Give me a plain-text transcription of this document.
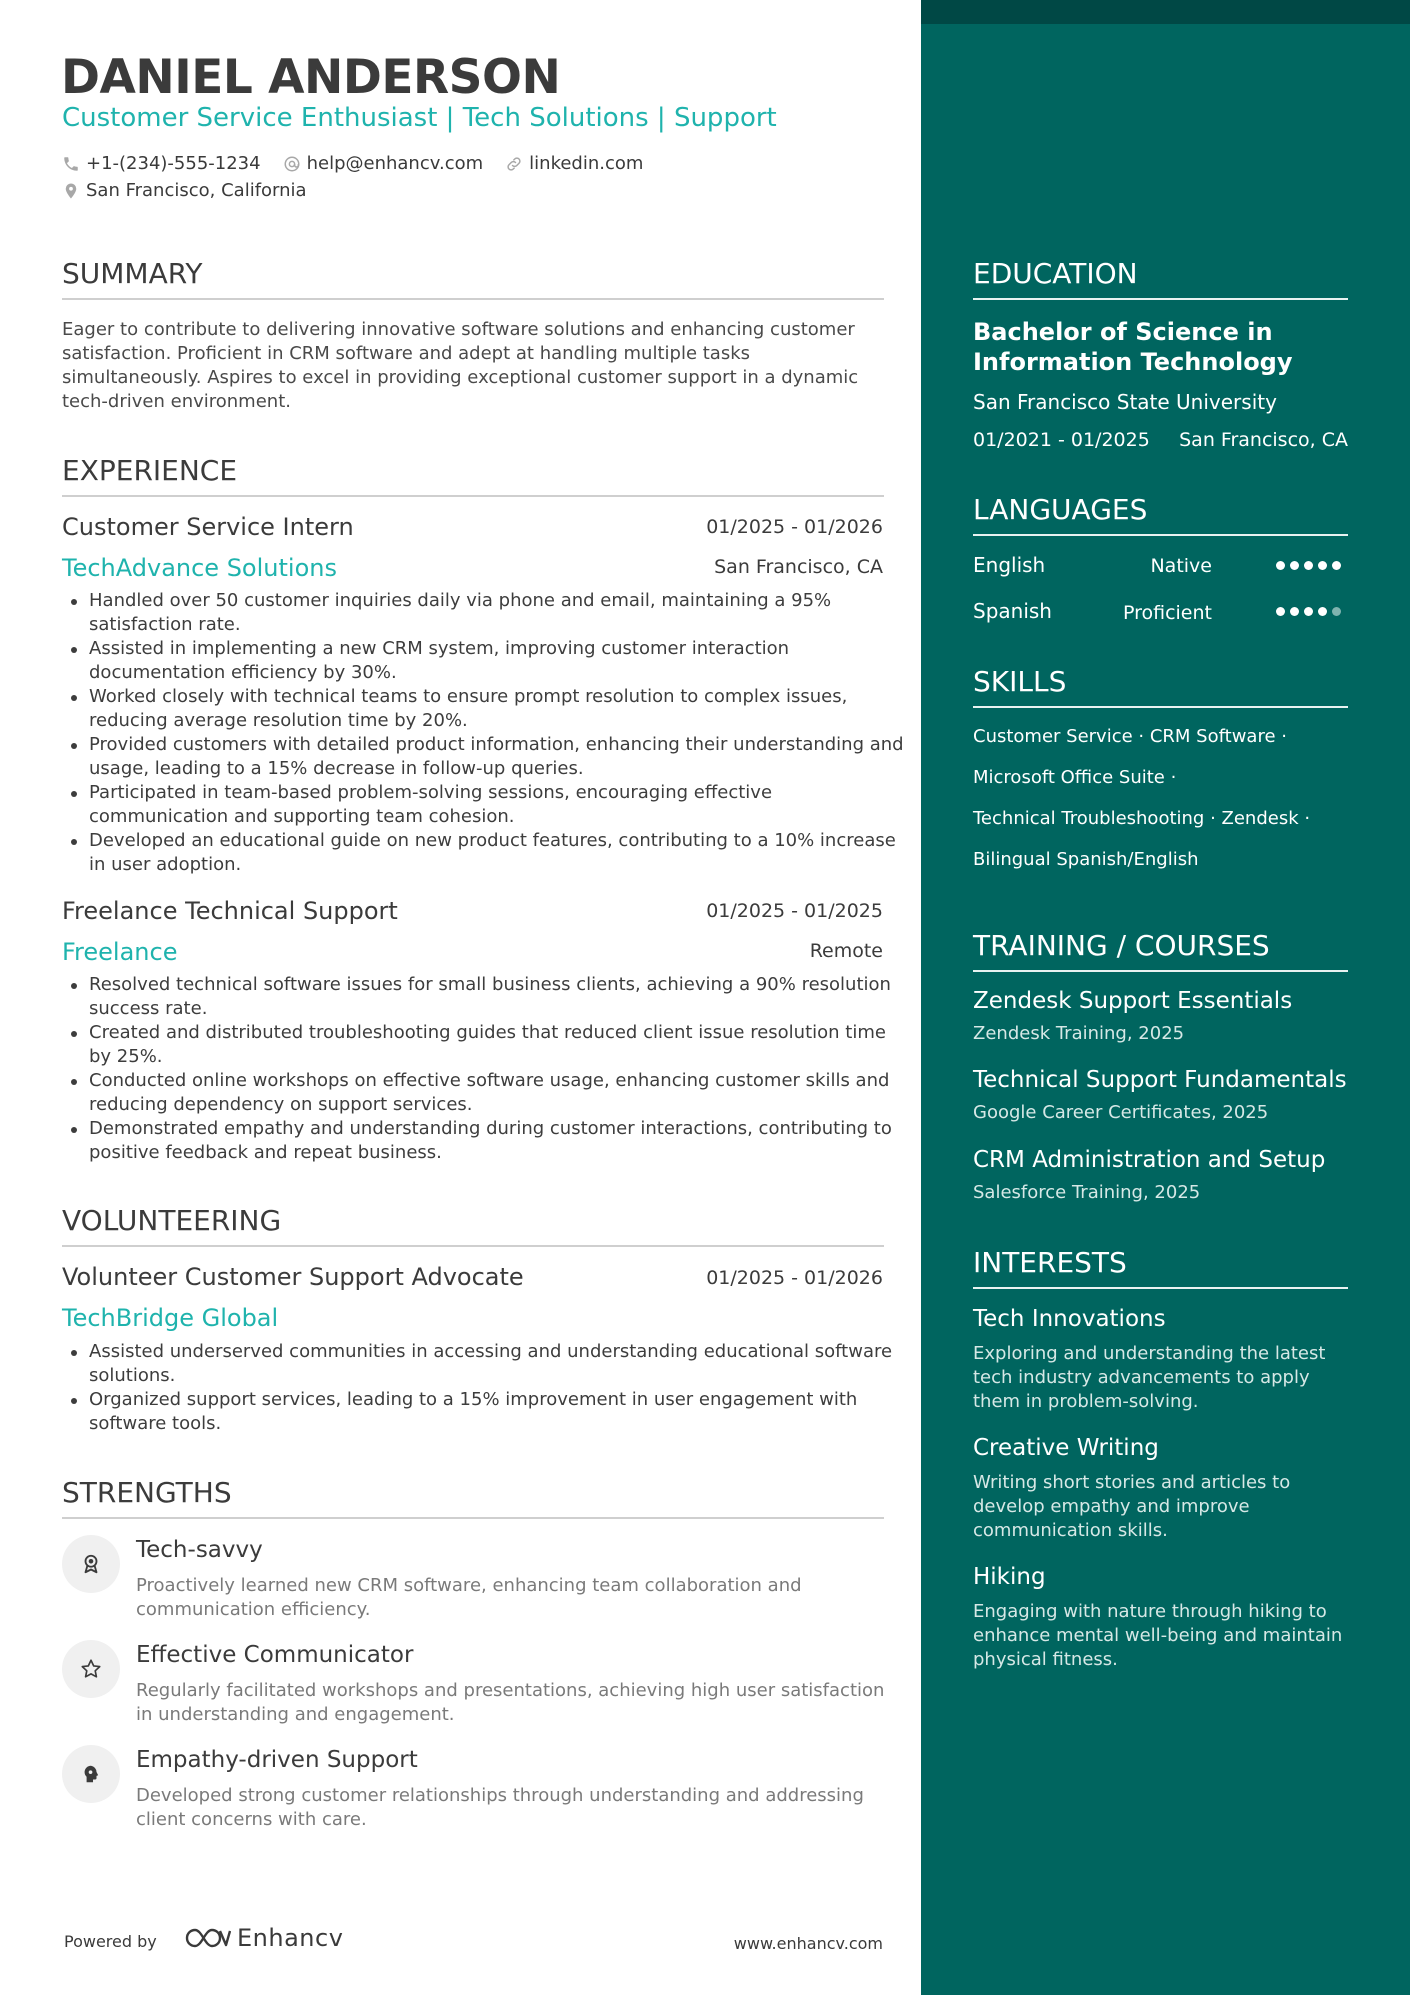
DANIEL ANDERSON
Customer Service Enthusiast | Tech Solutions | Support
+1-(234)-555-1234	help@enhancv.com	linkedin.com
San Francisco, California
SUMMARY

Eager to contribute to delivering innovative software solutions and enhancing customer satisfaction. Proficient in CRM software and adept at handling multiple tasks simultaneously. Aspires to excel in providing exceptional customer support in a dynamic tech-driven environment.

EXPERIENCE
Customer Service Intern	01/2025 - 01/2026
TechAdvance Solutions	San Francisco, CA
Handled over 50 customer inquiries daily via phone and email, maintaining a 95% satisfaction rate.
Assisted in implementing a new CRM system, improving customer interaction documentation efficiency by 30%.
Worked closely with technical teams to ensure prompt resolution to complex issues, reducing average resolution time by 20%.
Provided customers with detailed product information, enhancing their understanding and usage, leading to a 15% decrease in follow-up queries.
Participated in team-based problem-solving sessions, encouraging effective communication and supporting team cohesion.
Developed an educational guide on new product features, contributing to a 10% increase in user adoption.
Freelance Technical Support	01/2025 - 01/2025
Freelance	Remote
Resolved technical software issues for small business clients, achieving a 90% resolution success rate.
Created and distributed troubleshooting guides that reduced client issue resolution time by 25%.
Conducted online workshops on effective software usage, enhancing customer skills and reducing dependency on support services.
Demonstrated empathy and understanding during customer interactions, contributing to positive feedback and repeat business.
VOLUNTEERING
Volunteer Customer Support Advocate	01/2025 - 01/2026
TechBridge Global
Assisted underserved communities in accessing and understanding educational software solutions.
Organized support services, leading to a 15% improvement in user engagement with software tools.
STRENGTHS
Tech-savvy

Proactively learned new CRM software, enhancing team collaboration and communication efficiency.

Effective Communicator

Regularly facilitated workshops and presentations, achieving high user satisfaction in understanding and engagement.

Empathy-driven Support

Developed strong customer relationships through understanding and addressing client concerns with care.

Powered by	Enhancv	www.enhancv.com
EDUCATION

Bachelor of Science in Information Technology

San Francisco State University
01/2021 - 01/2025 San Francisco, CA
LANGUAGES
English	Native
Spanish	Proficient
SKILLS
Customer Service · CRM Software ·
Microsoft Office Suite ·
Technical Troubleshooting · Zendesk ·
Bilingual Spanish/English
TRAINING / COURSES
Zendesk Support Essentials
Zendesk Training, 2025
Technical Support Fundamentals
Google Career Certificates, 2025
CRM Administration and Setup
Salesforce Training, 2025
INTERESTS
Tech Innovations

Exploring and understanding the latest tech industry advancements to apply them in problem-solving.

Creative Writing

Writing short stories and articles to develop empathy and improve communication skills.

Hiking

Engaging with nature through hiking to enhance mental well-being and maintain physical fitness.
